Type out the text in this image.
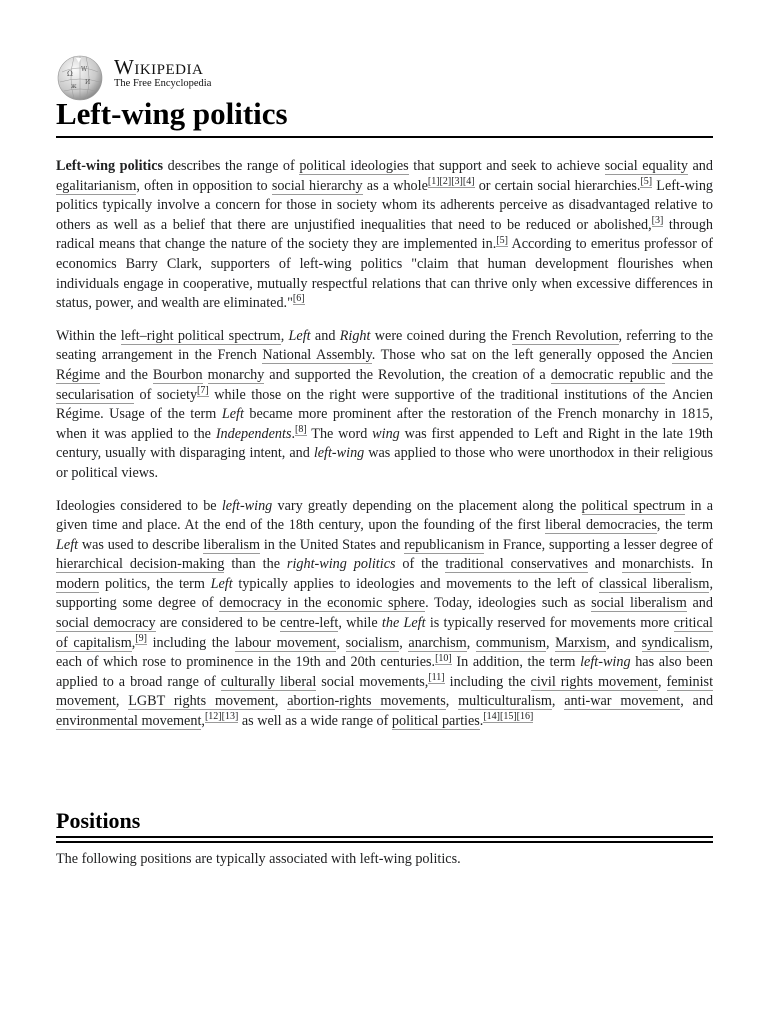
Ω
W
И
ж
Wikipedia
The Free Encyclopedia
Left-wing politics

Left-wing politics describes the range of political ideologies that support and seek to achieve social equality and egalitarianism, often in opposition to social hierarchy as a whole[1][2][3][4] or certain social hierarchies.[5] Left-wing politics typically involve a concern for those in society whom its adherents perceive as disadvantaged relative to others as well as a belief that there are unjustified inequalities that need to be reduced or abolished,[3] through radical means that change the nature of the society they are implemented in.[5] According to emeritus professor of economics Barry Clark, supporters of left-wing politics "claim that human development flourishes when individuals engage in cooperative, mutually respectful relations that can thrive only when excessive differences in status, power, and wealth are eliminated."[6]

Within the left–right political spectrum, Left and Right were coined during the French Revolution, referring to the seating arrangement in the French National Assembly. Those who sat on the left generally opposed the Ancien Régime and the Bourbon monarchy and supported the Revolution, the creation of a democratic republic and the secularisation of society[7] while those on the right were supportive of the traditional institutions of the Ancien Régime. Usage of the term Left became more prominent after the restoration of the French monarchy in 1815, when it was applied to the Independents.[8] The word wing was first appended to Left and Right in the late 19th century, usually with disparaging intent, and left-wing was applied to those who were unorthodox in their religious or political views.

Ideologies considered to be left-wing vary greatly depending on the placement along the political spectrum in a given time and place. At the end of the 18th century, upon the founding of the first liberal democracies, the term Left was used to describe liberalism in the United States and republicanism in France, supporting a lesser degree of hierarchical decision-making than the right-wing politics of the traditional conservatives and monarchists. In modern politics, the term Left typically applies to ideologies and movements to the left of classical liberalism, supporting some degree of democracy in the economic sphere. Today, ideologies such as social liberalism and social democracy are considered to be centre-left, while the Left is typically reserved for movements more critical of capitalism,[9] including the labour movement, socialism, anarchism, communism, Marxism, and syndicalism, each of which rose to prominence in the 19th and 20th centuries.[10] In addition, the term left-wing has also been applied to a broad range of culturally liberal social movements,[11] including the civil rights movement, feminist movement, LGBT rights movement, abortion-rights movements, multiculturalism, anti-war movement, and environmental movement,[12][13] as well as a wide range of political parties.[14][15][16]

Positions
The following positions are typically associated with left-wing politics.
